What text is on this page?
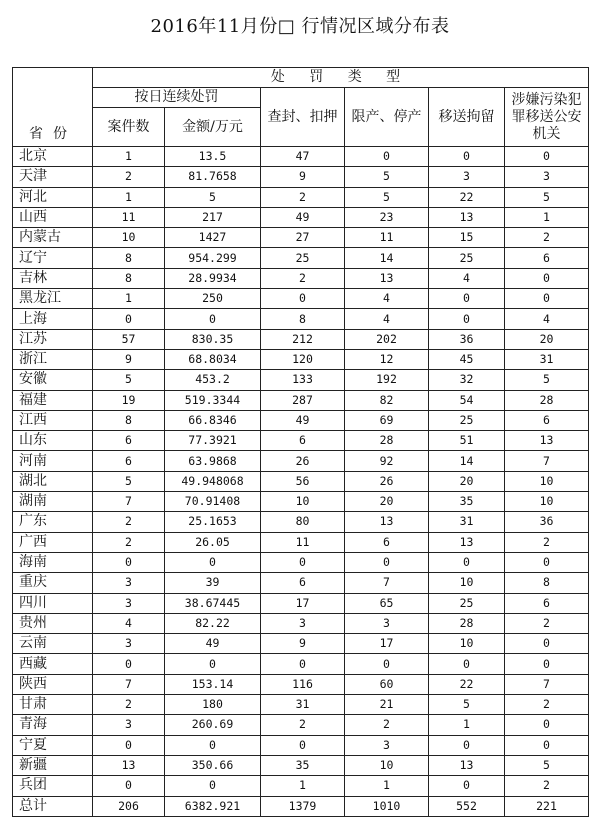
2016年11月份□ 行情况区域分布表
省份	处 罚 类 型					
	按日连续处罚		查封、扣押	限产、停产	移送拘留	涉嫌污染犯罪移送公安机关
	案件数	金额/万元				
北京	1	13.5	47	0	0	0
天津	2	81.7658	9	5	3	3
河北	1	5	2	5	22	5
山西	11	217	49	23	13	1
内蒙古	10	1427	27	11	15	2
辽宁	8	954.299	25	14	25	6
吉林	8	28.9934	2	13	4	0
黑龙江	1	250	0	4	0	0
上海	0	0	8	4	0	4
江苏	57	830.35	212	202	36	20
浙江	9	68.8034	120	12	45	31
安徽	5	453.2	133	192	32	5
福建	19	519.3344	287	82	54	28
江西	8	66.8346	49	69	25	6
山东	6	77.3921	6	28	51	13
河南	6	63.9868	26	92	14	7
湖北	5	49.948068	56	26	20	10
湖南	7	70.91408	10	20	35	10
广东	2	25.1653	80	13	31	36
广西	2	26.05	11	6	13	2
海南	0	0	0	0	0	0
重庆	3	39	6	7	10	8
四川	3	38.67445	17	65	25	6
贵州	4	82.22	3	3	28	2
云南	3	49	9	17	10	0
西藏	0	0	0	0	0	0
陕西	7	153.14	116	60	22	7
甘肃	2	180	31	21	5	2
青海	3	260.69	2	2	1	0
宁夏	0	0	0	3	0	0
新疆	13	350.66	35	10	13	5
兵团	0	0	1	1	0	2
总计	206	6382.921	1379	1010	552	221
